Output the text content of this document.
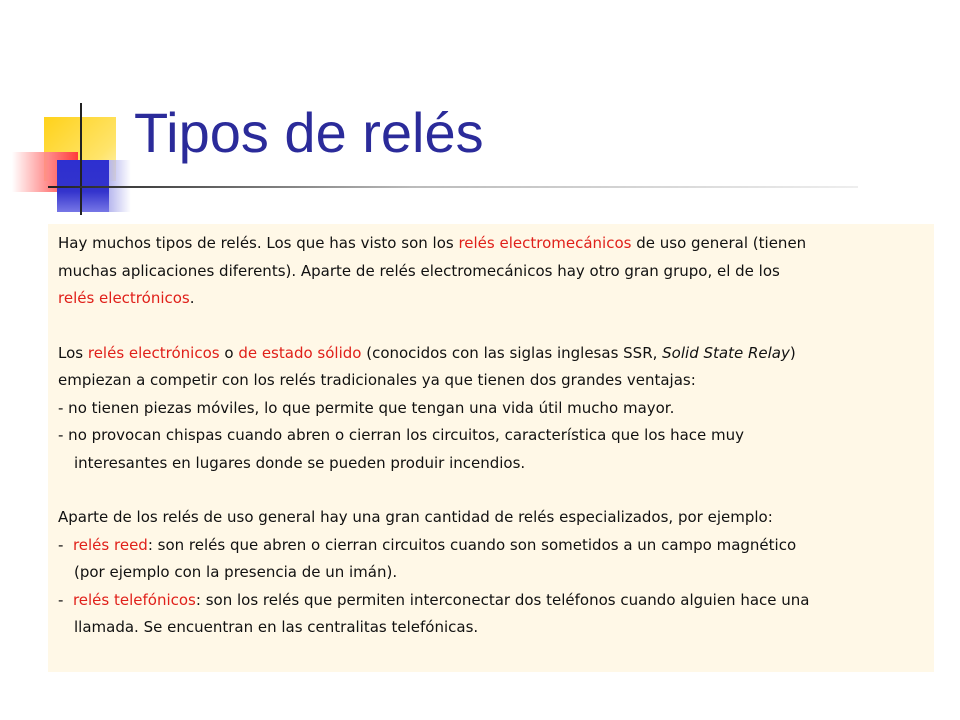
Tipos de relés

Hay muchos tipos de relés. Los que has visto son los relés electromecánicos de uso general (tienen

muchas aplicaciones diferents). Aparte de relés electromecánicos hay otro gran grupo, el de los

relés electrónicos.

Los relés electrónicos o de estado sólido (conocidos con las siglas inglesas SSR, Solid State Relay)

empiezan a competir con los relés tradicionales ya que tienen dos grandes ventajas:

- no tienen piezas móviles, lo que permite que tengan una vida útil mucho mayor.

- no provocan chispas cuando abren o cierran los circuitos, característica que los hace muy

interesantes en lugares donde se pueden produir incendios.

Aparte de los relés de uso general hay una gran cantidad de relés especializados, por ejemplo:

-  relés reed: son relés que abren o cierran circuitos cuando son sometidos a un campo magnético

(por ejemplo con la presencia de un imán).

-  relés telefónicos: son los relés que permiten interconectar dos teléfonos cuando alguien hace una

llamada. Se encuentran en las centralitas telefónicas.
